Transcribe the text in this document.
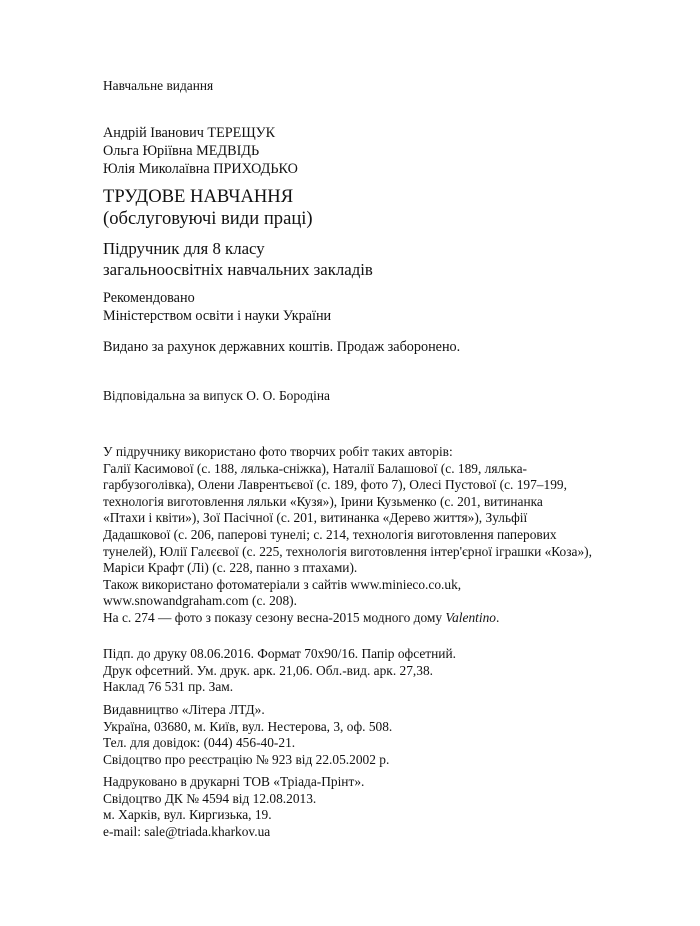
Навчальне видання
Андрій Іванович ТЕРЕЩУК
Ольга Юріївна МЕДВІДЬ
Юлія Миколаївна ПРИХОДЬКО
ТРУДОВЕ НАВЧАННЯ
(обслуговуючі види праці)
Підручник для 8 класу
загальноосвітніх навчальних закладів
Рекомендовано
Міністерством освіти і науки України
Видано за рахунок державних коштів. Продаж заборонено.
Відповідальна за випуск О. О. Бородіна
У підручнику використано фото творчих робіт таких авторів:
Галії Касимової (с. 188, лялька-сніжка), Наталії Балашової (с. 189, лялька-
гарбузоголівка), Олени Лаврентьєвої (с. 189, фото 7), Олесі Пустової (с. 197–199,
технологія виготовлення ляльки «Кузя»), Ірини Кузьменко (с. 201, витинанка
«Птахи і квіти»), Зої Пасічної (с. 201, витинанка «Дерево життя»), Зульфії
Дадашкової (с. 206, паперові тунелі; с. 214, технологія виготовлення паперових
тунелей), Юлії Галєєвої (с. 225, технологія виготовлення інтер'єрної іграшки «Коза»),
Маріси Крафт (Лі) (с. 228, панно з птахами).
Також використано фотоматеріали з сайтів www.minieco.co.uk,
www.snowandgraham.com (с. 208).
На с. 274 — фото з показу сезону весна-2015 модного дому Valentino.
Підп. до друку 08.06.2016. Формат 70х90/16. Папір офсетний.
Друк офсетний. Ум. друк. арк. 21,06. Обл.-вид. арк. 27,38.
Наклад 76 531 пр. Зам.
Видавництво «Літера ЛТД».
Україна, 03680, м. Київ, вул. Нестерова, 3, оф. 508.
Тел. для довідок: (044) 456-40-21.
Свідоцтво про реєстрацію № 923 від 22.05.2002 р.
Надруковано в друкарні ТОВ «Тріада-Прінт».
Свідоцтво ДК № 4594 від 12.08.2013.
м. Харків, вул. Киргизька, 19.
e-mail: sale@triada.kharkov.ua
